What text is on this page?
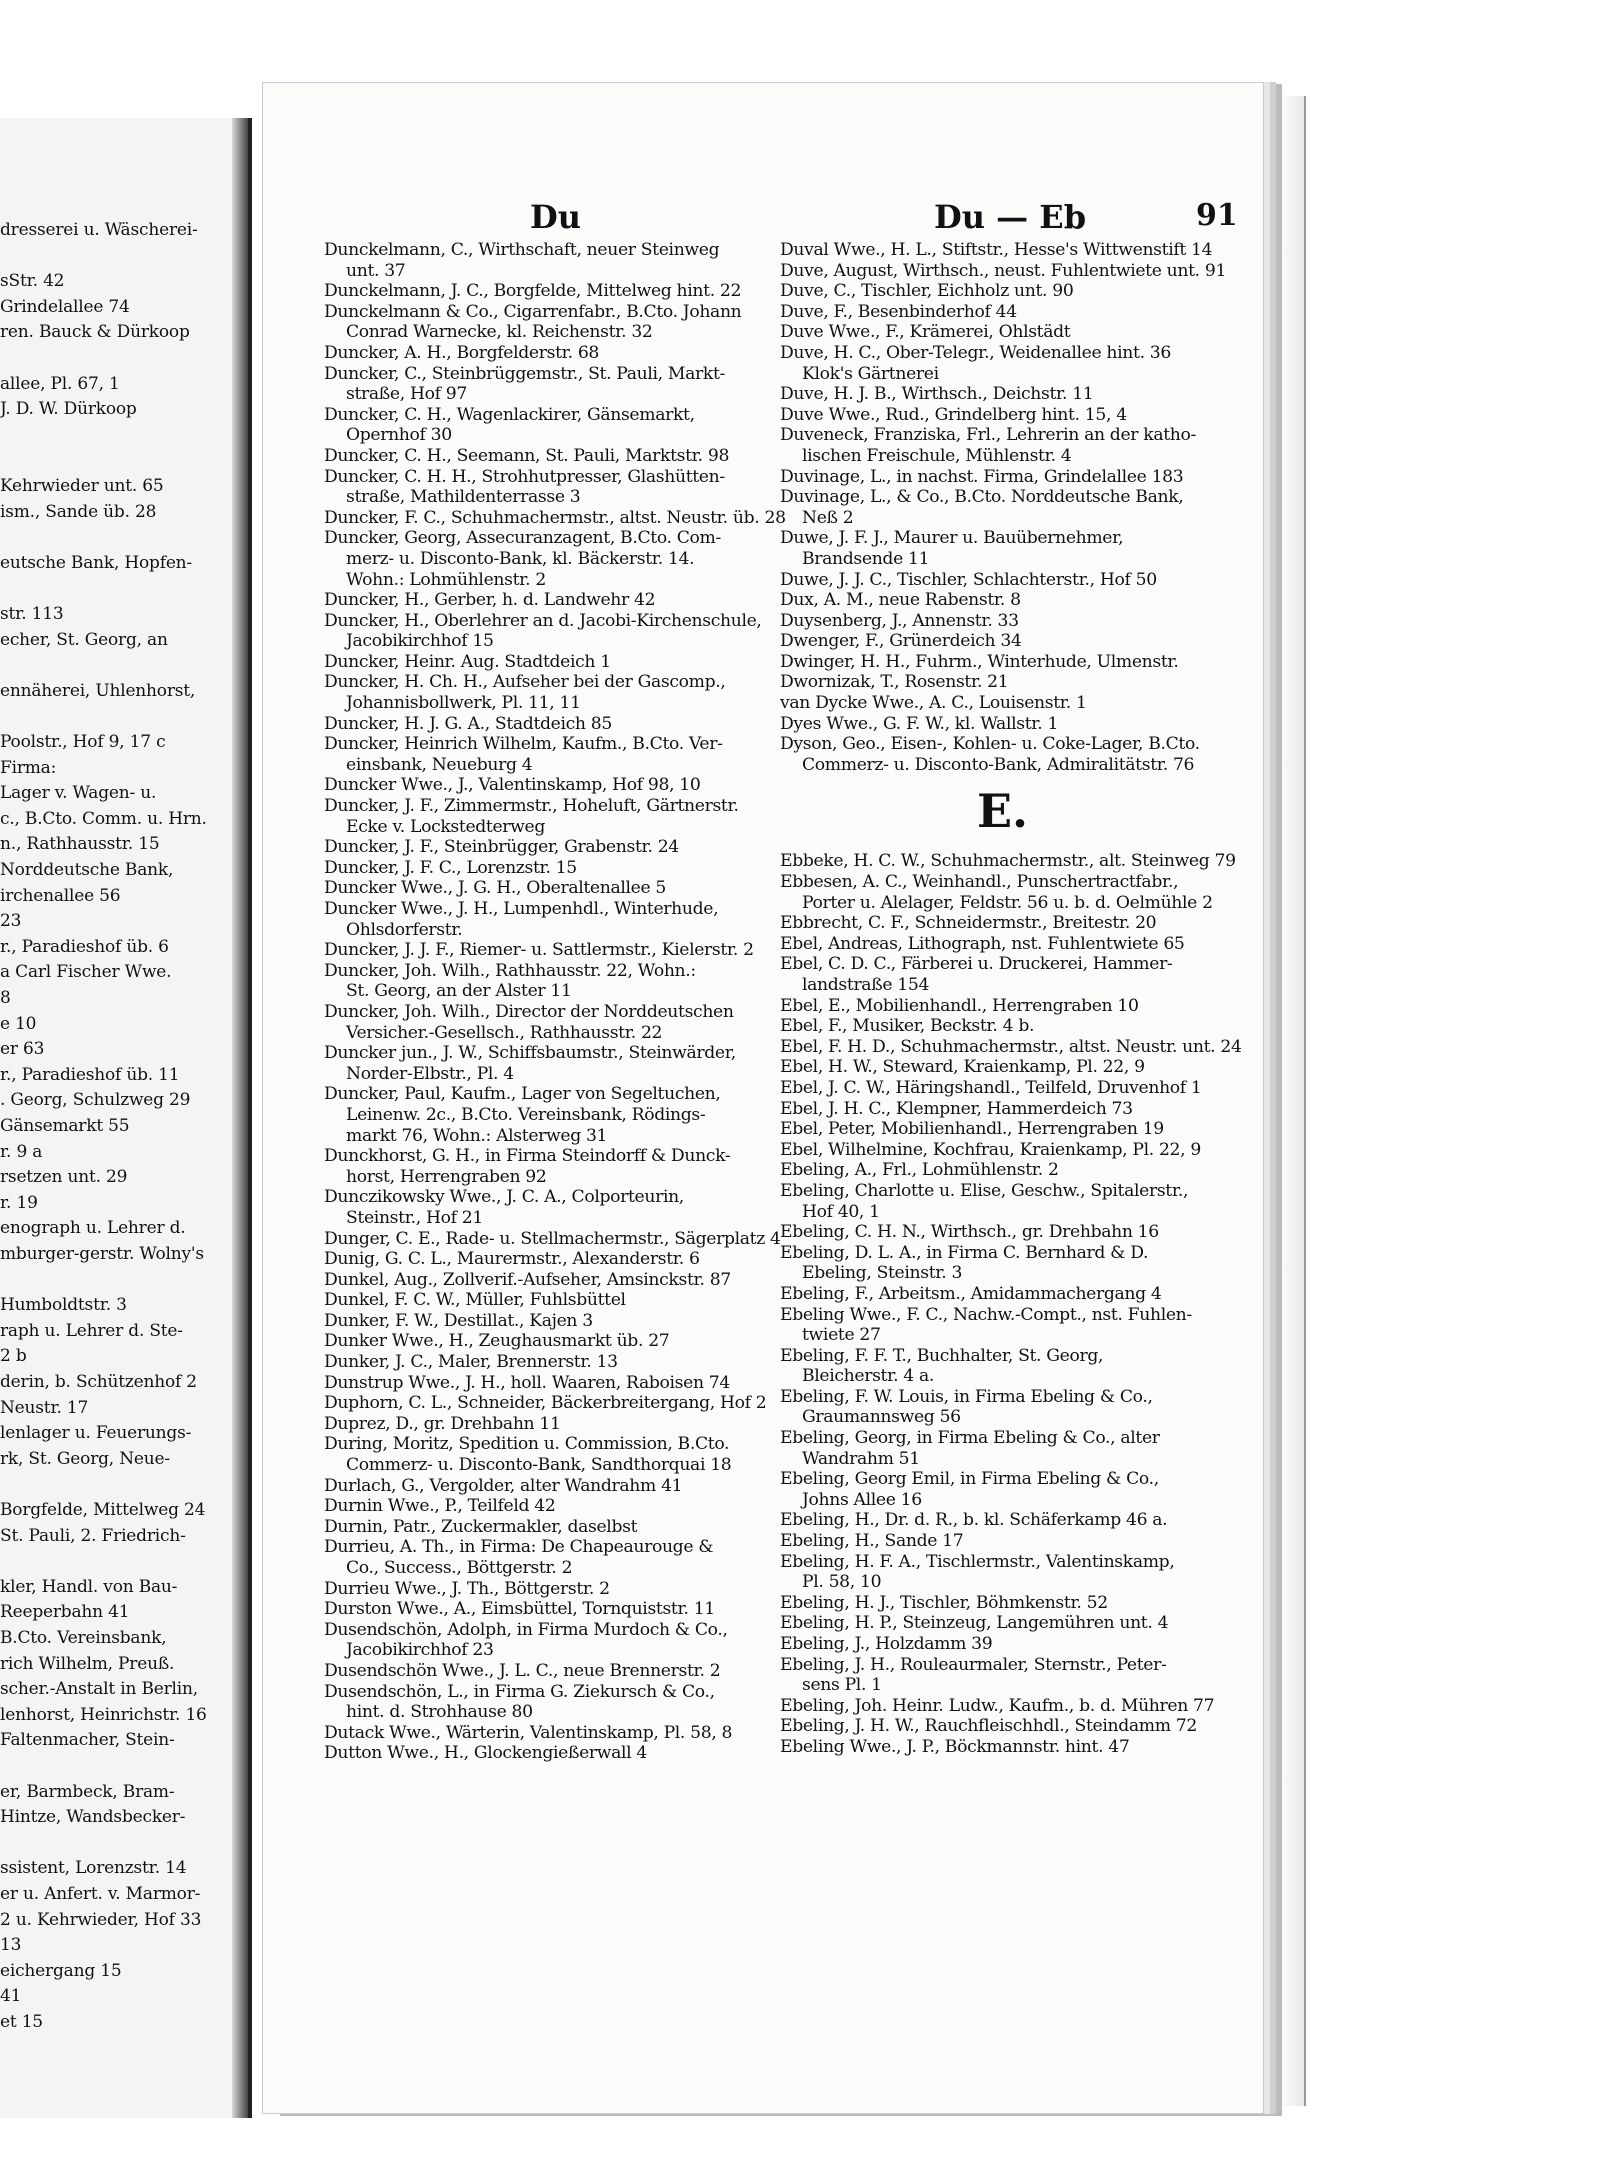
dresserei u. Wäscherei-
sStr. 42
Grindelallee 74
ren. Bauck & Dürkoop
allee, Pl. 67, 1
J. D. W. Dürkoop
Kehrwieder unt. 65
ism., Sande üb. 28
eutsche Bank, Hopfen-
str. 113
echer, St. Georg, an
ennäherei, Uhlenhorst,
Poolstr., Hof 9, 17 c
Firma:
Lager v. Wagen- u.
c., B.Cto. Comm. u. Hrn.
n., Rathhausstr. 15
Norddeutsche Bank,
irchenallee 56
23
r., Paradieshof üb. 6
a Carl Fischer Wwe.
8
e 10
er 63
r., Paradieshof üb. 11
. Georg, Schulzweg 29
Gänsemarkt 55
r. 9 a
rsetzen unt. 29
r. 19
enograph u. Lehrer d.
mburger-gerstr. Wolny's
Humboldtstr. 3
raph u. Lehrer d. Ste-
2 b
derin, b. Schützenhof 2
Neustr. 17
lenlager u. Feuerungs-
rk, St. Georg, Neue-
Borgfelde, Mittelweg 24
St. Pauli, 2. Friedrich-
kler, Handl. von Bau-
Reeperbahn 41
B.Cto. Vereinsbank,
rich Wilhelm, Preuß.
scher.-Anstalt in Berlin,
lenhorst, Heinrichstr. 16
Faltenmacher, Stein-
er, Barmbeck, Bram-
Hintze, Wandsbecker-
ssistent, Lorenzstr. 14
er u. Anfert. v. Marmor-
2 u. Kehrwieder, Hof 33
13
eichergang 15
41
et 15
Du	Du — Eb	91
Dunckelmann, C., Wirthschaft, neuer Steinweg
unt. 37
Dunckelmann, J. C., Borgfelde, Mittelweg hint. 22
Dunckelmann & Co., Cigarrenfabr., B.Cto. Johann
Conrad Warnecke, kl. Reichenstr. 32
Duncker, A. H., Borgfelderstr. 68
Duncker, C., Steinbrüggemstr., St. Pauli, Markt-
straße, Hof 97
Duncker, C. H., Wagenlackirer, Gänsemarkt,
Opernhof 30
Duncker, C. H., Seemann, St. Pauli, Marktstr. 98
Duncker, C. H. H., Strohhutpresser, Glashütten-
straße, Mathildenterrasse 3
Duncker, F. C., Schuhmachermstr., altst. Neustr. üb. 28
Duncker, Georg, Assecuranzagent, B.Cto. Com-
merz- u. Disconto-Bank, kl. Bäckerstr. 14.
Wohn.: Lohmühlenstr. 2
Duncker, H., Gerber, h. d. Landwehr 42
Duncker, H., Oberlehrer an d. Jacobi-Kirchenschule,
Jacobikirchhof 15
Duncker, Heinr. Aug. Stadtdeich 1
Duncker, H. Ch. H., Aufseher bei der Gascomp.,
Johannisbollwerk, Pl. 11, 11
Duncker, H. J. G. A., Stadtdeich 85
Duncker, Heinrich Wilhelm, Kaufm., B.Cto. Ver-
einsbank, Neueburg 4
Duncker Wwe., J., Valentinskamp, Hof 98, 10
Duncker, J. F., Zimmermstr., Hoheluft, Gärtnerstr.
Ecke v. Lockstedterweg
Duncker, J. F., Steinbrügger, Grabenstr. 24
Duncker, J. F. C., Lorenzstr. 15
Duncker Wwe., J. G. H., Oberaltenallee 5
Duncker Wwe., J. H., Lumpenhdl., Winterhude,
Ohlsdorferstr.
Duncker, J. J. F., Riemer- u. Sattlermstr., Kielerstr. 2
Duncker, Joh. Wilh., Rathhausstr. 22, Wohn.:
St. Georg, an der Alster 11
Duncker, Joh. Wilh., Director der Norddeutschen
Versicher.-Gesellsch., Rathhausstr. 22
Duncker jun., J. W., Schiffsbaumstr., Steinwärder,
Norder-Elbstr., Pl. 4
Duncker, Paul, Kaufm., Lager von Segeltuchen,
Leinenw. 2c., B.Cto. Vereinsbank, Rödings-
markt 76, Wohn.: Alsterweg 31
Dunckhorst, G. H., in Firma Steindorff & Dunck-
horst, Herrengraben 92
Dunczikowsky Wwe., J. C. A., Colporteurin,
Steinstr., Hof 21
Dunger, C. E., Rade- u. Stellmachermstr., Sägerplatz 4
Dunig, G. C. L., Maurermstr., Alexanderstr. 6
Dunkel, Aug., Zollverif.-Aufseher, Amsinckstr. 87
Dunkel, F. C. W., Müller, Fuhlsbüttel
Dunker, F. W., Destillat., Kajen 3
Dunker Wwe., H., Zeughausmarkt üb. 27
Dunker, J. C., Maler, Brennerstr. 13
Dunstrup Wwe., J. H., holl. Waaren, Raboisen 74
Duphorn, C. L., Schneider, Bäckerbreitergang, Hof 2
Duprez, D., gr. Drehbahn 11
During, Moritz, Spedition u. Commission, B.Cto.
Commerz- u. Disconto-Bank, Sandthorquai 18
Durlach, G., Vergolder, alter Wandrahm 41
Durnin Wwe., P., Teilfeld 42
Durnin, Patr., Zuckermakler, daselbst
Durrieu, A. Th., in Firma: De Chapeaurouge &
Co., Success., Böttgerstr. 2
Durrieu Wwe., J. Th., Böttgerstr. 2
Durston Wwe., A., Eimsbüttel, Tornquiststr. 11
Dusendschön, Adolph, in Firma Murdoch & Co.,
Jacobikirchhof 23
Dusendschön Wwe., J. L. C., neue Brennerstr. 2
Dusendschön, L., in Firma G. Ziekursch & Co.,
hint. d. Strohhause 80
Dutack Wwe., Wärterin, Valentinskamp, Pl. 58, 8
Dutton Wwe., H., Glockengießerwall 4
Duval Wwe., H. L., Stiftstr., Hesse's Wittwenstift 14
Duve, August, Wirthsch., neust. Fuhlentwiete unt. 91
Duve, C., Tischler, Eichholz unt. 90
Duve, F., Besenbinderhof 44
Duve Wwe., F., Krämerei, Ohlstädt
Duve, H. C., Ober-Telegr., Weidenallee hint. 36
Klok's Gärtnerei
Duve, H. J. B., Wirthsch., Deichstr. 11
Duve Wwe., Rud., Grindelberg hint. 15, 4
Duveneck, Franziska, Frl., Lehrerin an der katho-
lischen Freischule, Mühlenstr. 4
Duvinage, L., in nachst. Firma, Grindelallee 183
Duvinage, L., & Co., B.Cto. Norddeutsche Bank,
Neß 2
Duwe, J. F. J., Maurer u. Bauübernehmer,
Brandsende 11
Duwe, J. J. C., Tischler, Schlachterstr., Hof 50
Dux, A. M., neue Rabenstr. 8
Duysenberg, J., Annenstr. 33
Dwenger, F., Grünerdeich 34
Dwinger, H. H., Fuhrm., Winterhude, Ulmenstr.
Dwornizak, T., Rosenstr. 21
van Dycke Wwe., A. C., Louisenstr. 1
Dyes Wwe., G. F. W., kl. Wallstr. 1
Dyson, Geo., Eisen-, Kohlen- u. Coke-Lager, B.Cto.
Commerz- u. Disconto-Bank, Admiralitätstr. 76
E.
Ebbeke, H. C. W., Schuhmachermstr., alt. Steinweg 79
Ebbesen, A. C., Weinhandl., Punschertractfabr.,
Porter u. Alelager, Feldstr. 56 u. b. d. Oelmühle 2
Ebbrecht, C. F., Schneidermstr., Breitestr. 20
Ebel, Andreas, Lithograph, nst. Fuhlentwiete 65
Ebel, C. D. C., Färberei u. Druckerei, Hammer-
landstraße 154
Ebel, E., Mobilienhandl., Herrengraben 10
Ebel, F., Musiker, Beckstr. 4 b.
Ebel, F. H. D., Schuhmachermstr., altst. Neustr. unt. 24
Ebel, H. W., Steward, Kraienkamp, Pl. 22, 9
Ebel, J. C. W., Häringshandl., Teilfeld, Druvenhof 1
Ebel, J. H. C., Klempner, Hammerdeich 73
Ebel, Peter, Mobilienhandl., Herrengraben 19
Ebel, Wilhelmine, Kochfrau, Kraienkamp, Pl. 22, 9
Ebeling, A., Frl., Lohmühlenstr. 2
Ebeling, Charlotte u. Elise, Geschw., Spitalerstr.,
Hof 40, 1
Ebeling, C. H. N., Wirthsch., gr. Drehbahn 16
Ebeling, D. L. A., in Firma C. Bernhard & D.
Ebeling, Steinstr. 3
Ebeling, F., Arbeitsm., Amidammachergang 4
Ebeling Wwe., F. C., Nachw.-Compt., nst. Fuhlen-
twiete 27
Ebeling, F. F. T., Buchhalter, St. Georg,
Bleicherstr. 4 a.
Ebeling, F. W. Louis, in Firma Ebeling & Co.,
Graumannsweg 56
Ebeling, Georg, in Firma Ebeling & Co., alter
Wandrahm 51
Ebeling, Georg Emil, in Firma Ebeling & Co.,
Johns Allee 16
Ebeling, H., Dr. d. R., b. kl. Schäferkamp 46 a.
Ebeling, H., Sande 17
Ebeling, H. F. A., Tischlermstr., Valentinskamp,
Pl. 58, 10
Ebeling, H. J., Tischler, Böhmkenstr. 52
Ebeling, H. P., Steinzeug, Langemühren unt. 4
Ebeling, J., Holzdamm 39
Ebeling, J. H., Rouleaurmaler, Sternstr., Peter-
sens Pl. 1
Ebeling, Joh. Heinr. Ludw., Kaufm., b. d. Mühren 77
Ebeling, J. H. W., Rauchfleischhdl., Steindamm 72
Ebeling Wwe., J. P., Böckmannstr. hint. 47
